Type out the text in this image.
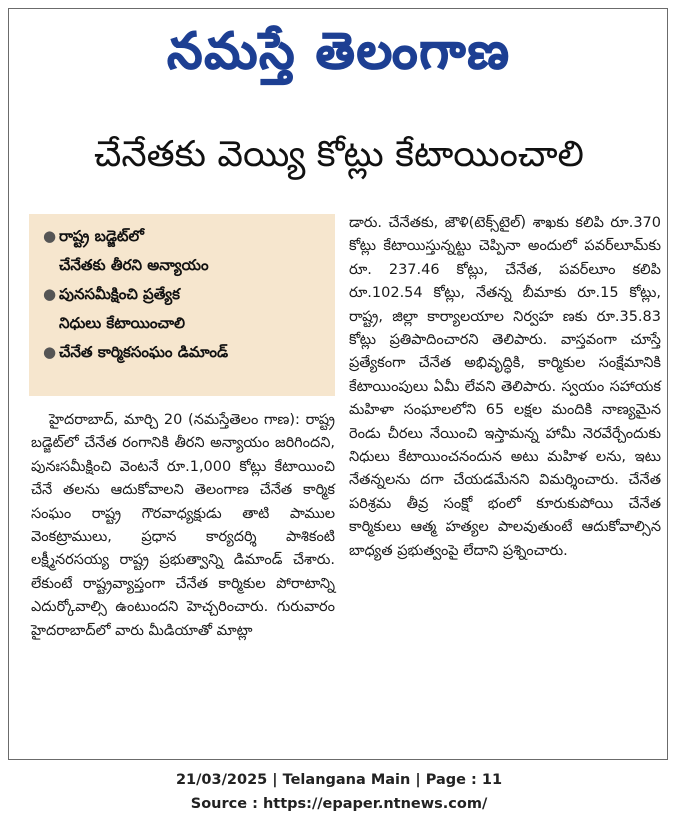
నమస్తే తెలంగాణ
చేనేతకు వెయ్యి కోట్లు కేటాయించాలి
● రాష్ట్ర బడ్జెట్‌లో
చేనేతకు తీరని అన్యాయం
● పునసమీక్షించి ప్రత్యేక
నిధులు కేటాయించాలి
● చేనేత కార్మికసంఘం డిమాండ్

హైదరాబాద్, మార్చి 20 (నమస్తేతెలం గాణ): రాష్ట్ర బడ్జెట్‌లో చేనేత రంగానికి తీరని అన్యాయం జరిగిందని, పునఃసమీక్షించి వెంటనే రూ.1,000 కోట్లు కేటాయించి చేనే తలను ఆదుకోవాలని తెలంగాణ చేనేత కార్మిక సంఘం రాష్ట్ర గౌరవాధ్యక్షుడు తాటి పాముల వెంకట్రాములు, ప్రధాన కార్యదర్శి పాశికంటి లక్ష్మీనరసయ్య రాష్ట్ర ప్రభుత్వాన్ని డిమాండ్ చేశారు. లేకుంటే రాష్ట్రవ్యాప్తంగా చేనేత కార్మికుల పోరాటాన్ని ఎదుర్కోవాల్సి ఉంటుందని హెచ్చరించారు. గురువారం హైదరాబాద్‌లో వారు మీడియాతో మాట్లా

డారు. చేనేతకు, జౌళి(టెక్స్‌టైల్) శాఖకు కలిపి రూ.370 కోట్లు కేటాయిస్తున్నట్టు చెప్పినా అందులో పవర్‌లూమ్‌కు రూ. 237.46 కోట్లు, చేనేత, పవర్‌లూం కలిపి రూ.102.54 కోట్లు, నేతన్న బీమాకు రూ.15 కోట్లు, రాష్ట్ర, జిల్లా కార్యాలయాల నిర్వహ ణకు రూ.35.83 కోట్లు ప్రతిపాదించారని తెలిపారు. వాస్తవంగా చూస్తే ప్రత్యేకంగా చేనేత అభివృద్ధికి, కార్మికుల సంక్షేమానికి కేటాయింపులు ఏమీ లేవని తెలిపారు. స్వయం సహాయక మహిళా సంఘాలలోని 65 లక్షల మందికి నాణ్యమైన రెండు చీరలు నేయించి ఇస్తామన్న హామీ నెరవేర్చేందుకు నిధులు కేటాయించనందున అటు మహిళ లను, ఇటు నేతన్నలను దగా చేయడమేనని విమర్శించారు. చేనేత పరిశ్రమ తీవ్ర సంక్షో భంలో కూరుకుపోయి చేనేత కార్మికులు ఆత్మ హత్యల పాలవుతుంటే ఆదుకోవాల్సిన బాధ్యత ప్రభుత్వంపై లేదాని ప్రశ్నించారు.

21/03/2025 | Telangana Main | Page : 11
Source : https://epaper.ntnews.com/
